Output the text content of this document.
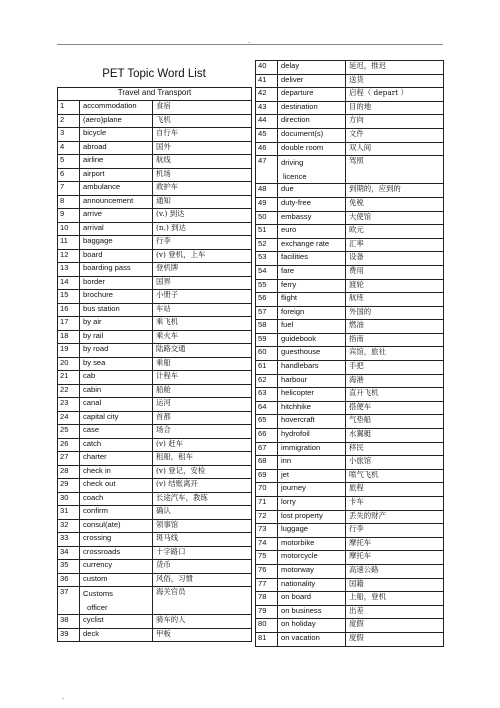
.
PET Topic Word List
Travel and Transport		
1	accommodation	食宿
2	(aero)plane	飞机
3	bicycle	自行车
4	abroad	国外
5	airline	航线
6	airport	机场
7	ambulance	救护车
8	announcement	通知
9	arrive	(v.) 到达
10	arrival	(n.) 到达
11	baggage	行李
12	board	(v) 登机，上车
13	boarding pass	登机牌
14	border	国界
15	brochure	小册子
16	bus station	车站
17	by air	乘飞机
18	by rail	乘火车
19	by road	陆路交通
20	by sea	乘船
21	cab	计程车
22	cabin	船舱
23	canal	运河
24	capital city	首都
25	case	场合
26	catch	(v) 赶车
27	charter	租船，租车
28	check in	(v) 登记，安检
29	check out	(v) 结账离开
30	coach	长途汽车，教练
31	confirm	确认
32	consul(ate)	领事馆
33	crossing	斑马线
34	crossroads	十字路口
35	currency	货币
36	custom	风俗，习惯
37	Customs
officer	海关官员
38	cyclist	骑车的人
39	deck	甲板
40	delay	延迟，推迟
41	deliver	送货
42	departure	启程（ depart ）
43	destination	目的地
44	direction	方向
45	document(s)	文件
46	double room	双人间
47	driving
licence	驾照
48	due	到期的，应到的
49	duty-free	免税
50	embassy	大使馆
51	euro	欧元
52	exchange rate	汇率
53	facilities	设备
54	fare	费用
55	ferry	渡轮
56	flight	航班
57	foreign	外国的
58	fuel	燃油
59	guidebook	指南
60	guesthouse	宾馆，旅社
61	handlebars	手把
62	harbour	海港
63	helicopter	直升飞机
64	hitchhike	搭便车
65	hovercraft	气垫船
66	hydrofoil	水翼艇
67	immigration	移民
68	inn	小旅馆
69	jet	喷气飞机
70	journey	旅程
71	lorry	卡车
72	lost property	丢失的财产
73	luggage	行李
74	motorbike	摩托车
75	motorcycle	摩托车
76	motorway	高速公路
77	nationality	国籍
78	on board	上船，登机
79	on business	出差
80	on holiday	度假
81	on vacation	度假
.
